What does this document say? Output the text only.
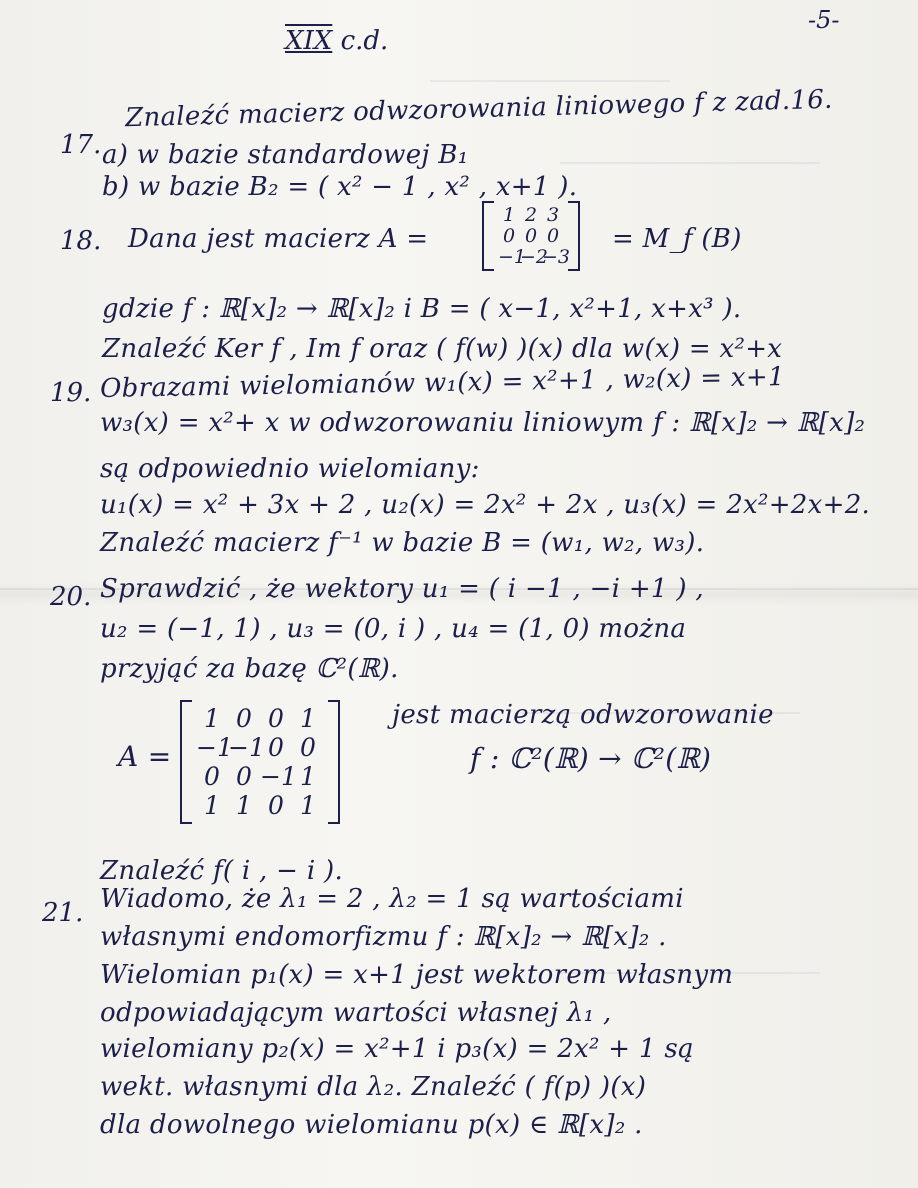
-5-
XIX c.d.
17.
Znaleźć macierz odwzorowania liniowego f z zad.16.
a) w bazie standardowej B₁
b) w bazie B₂ = ( x² − 1 , x² , x+1 ).
18. Dana jest macierz A =
1 2 3
0 0 0
−1
−2
−3
= M_f (B)
gdzie f : ℝ[x]₂ → ℝ[x]₂ i B = ( x−1, x²+1, x+x³ ).
Znaleźć Ker f , Im f oraz ( f(w) )(x) dla w(x) = x²+x
19. Obrazami wielomianów w₁(x) = x²+1 , w₂(x) = x+1
w₃(x) = x²+ x w odwzorowaniu liniowym f : ℝ[x]₂ → ℝ[x]₂
są odpowiednio wielomiany:
u₁(x) = x² + 3x + 2 , u₂(x) = 2x² + 2x , u₃(x) = 2x²+2x+2.
Znaleźć macierz f⁻¹ w bazie B = (w₁, w₂, w₃).
20. Sprawdzić , że wektory u₁ = ( i −1 , −i +1 ) ,
u₂ = (−1, 1) , u₃ = (0, i ) , u₄ = (1, 0) można
przyjąć za bazę ℂ²(ℝ).
A =
1 0 0 1
−1
−1 0 0
0 0 −1 1
1 1 0 1
jest macierzą odwzorowanie
f : ℂ²(ℝ) → ℂ²(ℝ)
Znaleźć f( i , − i ).
21. Wiadomo, że λ₁ = 2 , λ₂ = 1 są wartościami
własnymi endomorfizmu f : ℝ[x]₂ → ℝ[x]₂ .
Wielomian p₁(x) = x+1 jest wektorem własnym
odpowiadającym wartości własnej λ₁ ,
wielomiany p₂(x) = x²+1 i p₃(x) = 2x² + 1 są
wekt. własnymi dla λ₂. Znaleźć ( f(p) )(x)
dla dowolnego wielomianu p(x) ∈ ℝ[x]₂ .
